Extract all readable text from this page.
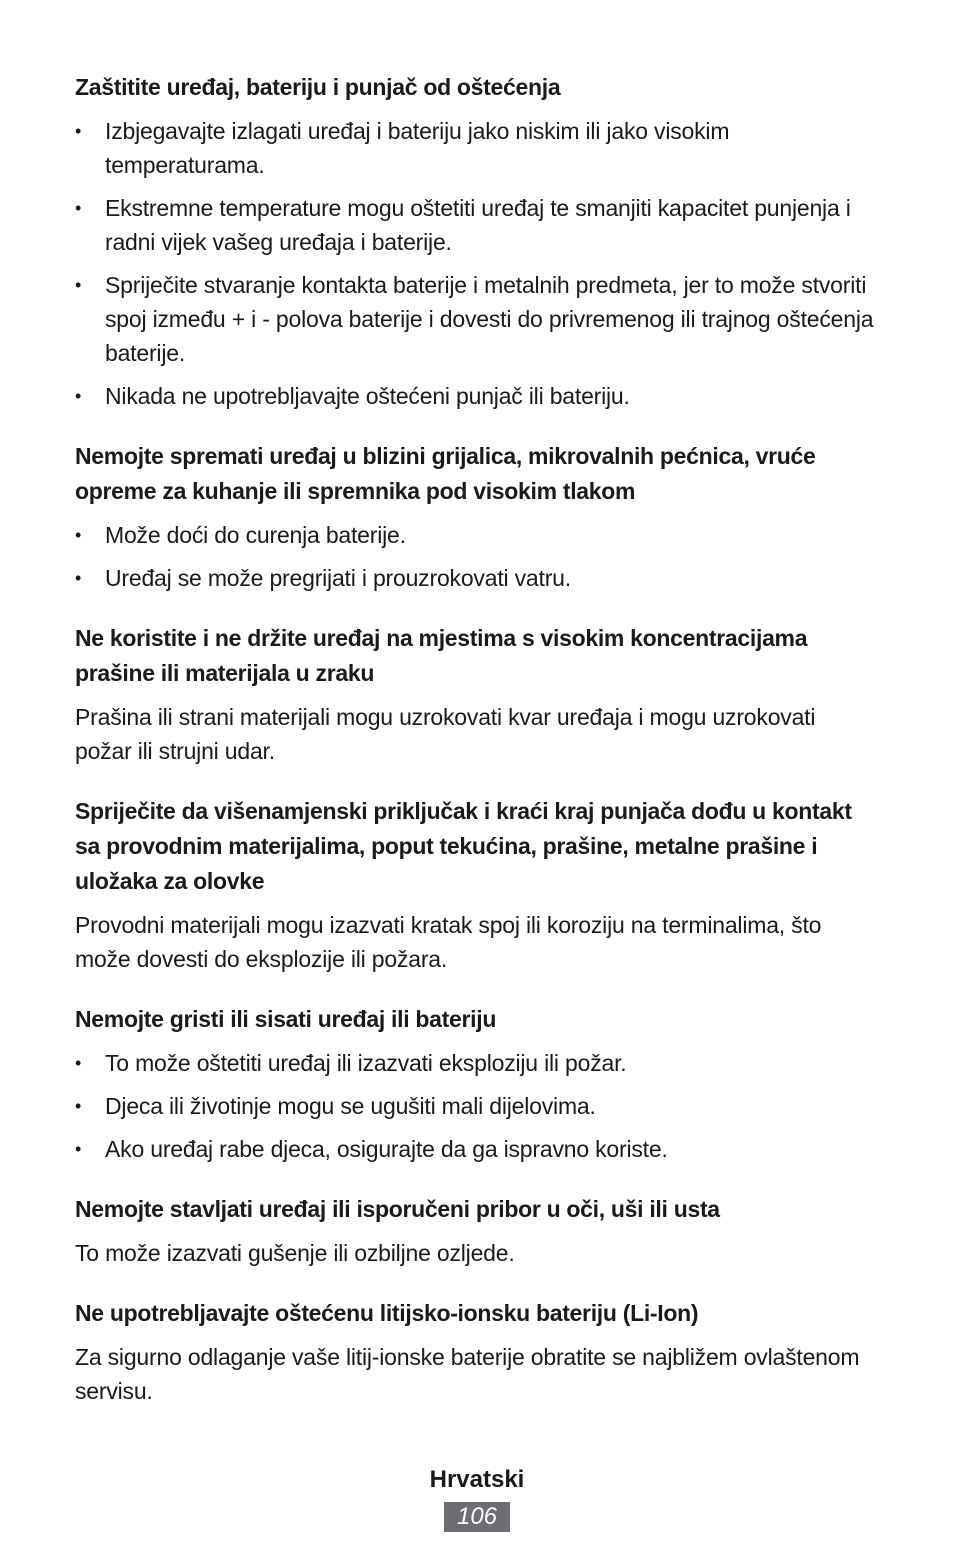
Zaštitite uređaj, bateriju i punjač od oštećenja
• Izbjegavajte izlagati uređaj i bateriju jako niskim ili jako visokim temperaturama.
• Ekstremne temperature mogu oštetiti uređaj te smanjiti kapacitet punjenja i radni vijek vašeg uređaja i baterije.
• Spriječite stvaranje kontakta baterije i metalnih predmeta, jer to može stvoriti spoj između + i - polova baterije i dovesti do privremenog ili trajnog oštećenja baterije.
• Nikada ne upotrebljavajte oštećeni punjač ili bateriju.
Nemojte spremati uređaj u blizini grijalica, mikrovalnih pećnica, vruće opreme za kuhanje ili spremnika pod visokim tlakom
• Može doći do curenja baterije.
• Uređaj se može pregrijati i prouzrokovati vatru.
Ne koristite i ne držite uređaj na mjestima s visokim koncentracijama prašine ili materijala u zraku

Prašina ili strani materijali mogu uzrokovati kvar uređaja i mogu uzrokovati požar ili strujni udar.

Spriječite da višenamjenski priključak i kraći kraj punjača dođu u kontakt sa provodnim materijalima, poput tekućina, prašine, metalne prašine i uložaka za olovke

Provodni materijali mogu izazvati kratak spoj ili koroziju na terminalima, što može dovesti do eksplozije ili požara.

Nemojte gristi ili sisati uređaj ili bateriju
• To može oštetiti uređaj ili izazvati eksploziju ili požar.
• Djeca ili životinje mogu se ugušiti mali dijelovima.
• Ako uređaj rabe djeca, osigurajte da ga ispravno koriste.
Nemojte stavljati uređaj ili isporučeni pribor u oči, uši ili usta

To može izazvati gušenje ili ozbiljne ozljede.

Ne upotrebljavajte oštećenu litijsko-ionsku bateriju (Li-Ion)

Za sigurno odlaganje vaše litij-ionske baterije obratite se najbližem ovlaštenom servisu.

Hrvatski
106
